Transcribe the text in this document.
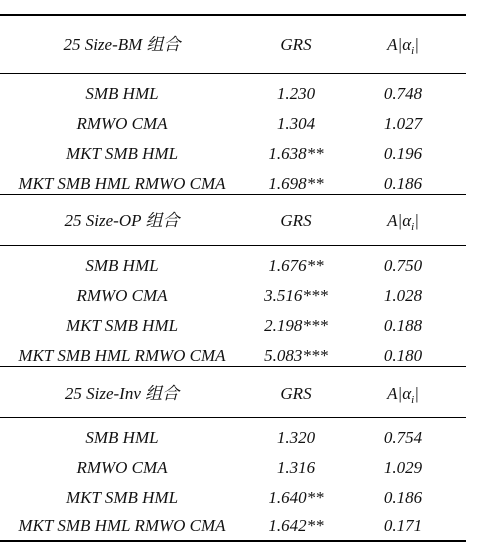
25 Size-BM 组合	GRS	$A|\alpha_i|$
SMB HML	1.230	0.748
RMWO CMA	1.304	1.027
MKT SMB HML	1.638**	0.196
MKT SMB HML RMWO CMA	1.698**	0.186
25 Size-OP 组合	GRS	$A|\alpha_i|$
SMB HML	1.676**	0.750
RMWO CMA	3.516***	1.028
MKT SMB HML	2.198***	0.188
MKT SMB HML RMWO CMA	5.083***	0.180
25 Size-Inv 组合	GRS	$A|\alpha_i|$
SMB HML	1.320	0.754
RMWO CMA	1.316	1.029
MKT SMB HML	1.640**	0.186
MKT SMB HML RMWO CMA	1.642**	0.171
